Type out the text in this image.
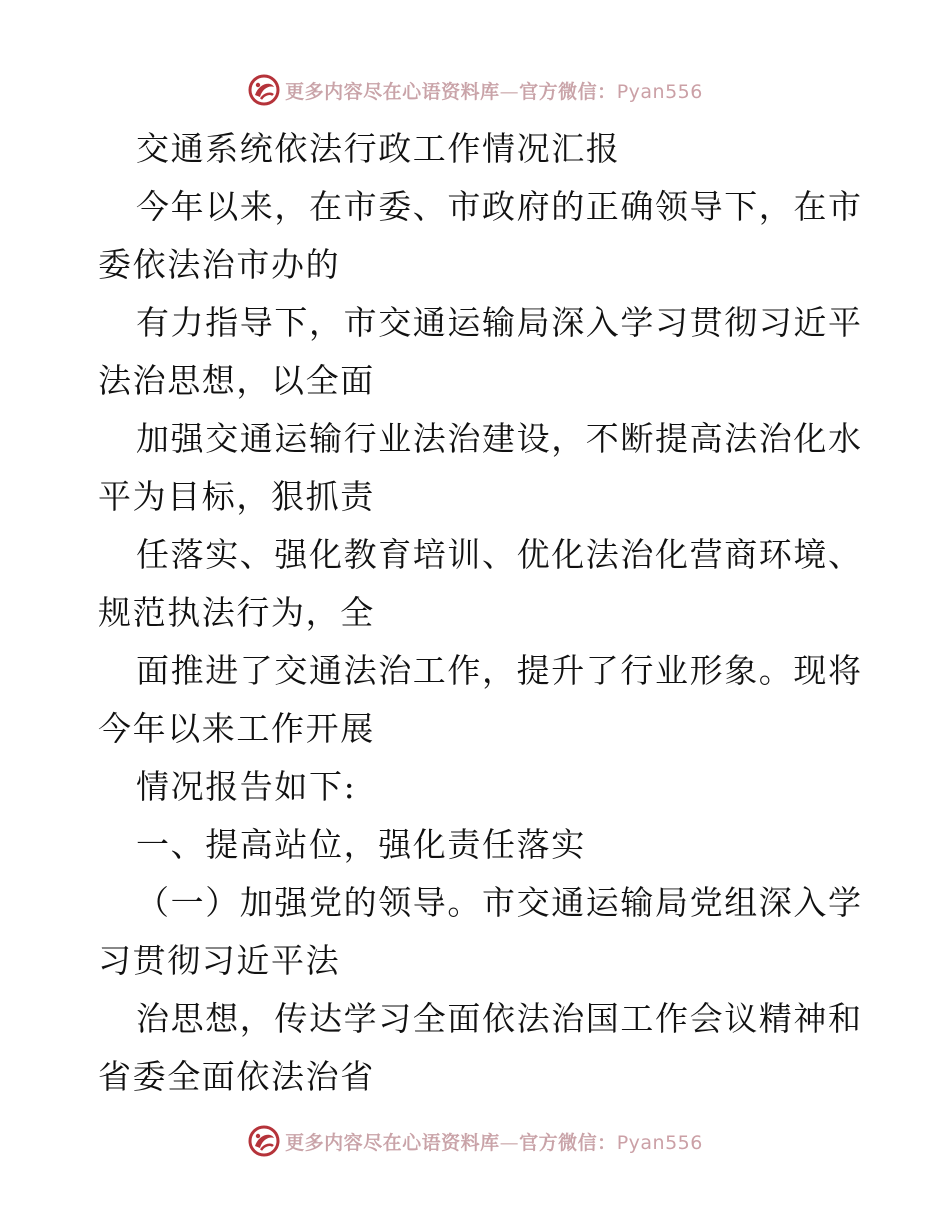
更多内容尽在心语资料库—官方微信：Pyan556
交通系统依法行政工作情况汇报
今年以来，在市委、市政府的正确领导下，在市
委依法治市办的
有力指导下，市交通运输局深入学习贯彻习近平
法治思想，以全面
加强交通运输行业法治建设，不断提高法治化水
平为目标，狠抓责
任落实、强化教育培训、优化法治化营商环境、
规范执法行为，全
面推进了交通法治工作，提升了行业形象。现将
今年以来工作开展
情况报告如下:
一、提高站位，强化责任落实
（一）加强党的领导。市交通运输局党组深入学
习贯彻习近平法
治思想，传达学习全面依法治国工作会议精神和
省委全面依法治省
更多内容尽在心语资料库—官方微信：Pyan556
